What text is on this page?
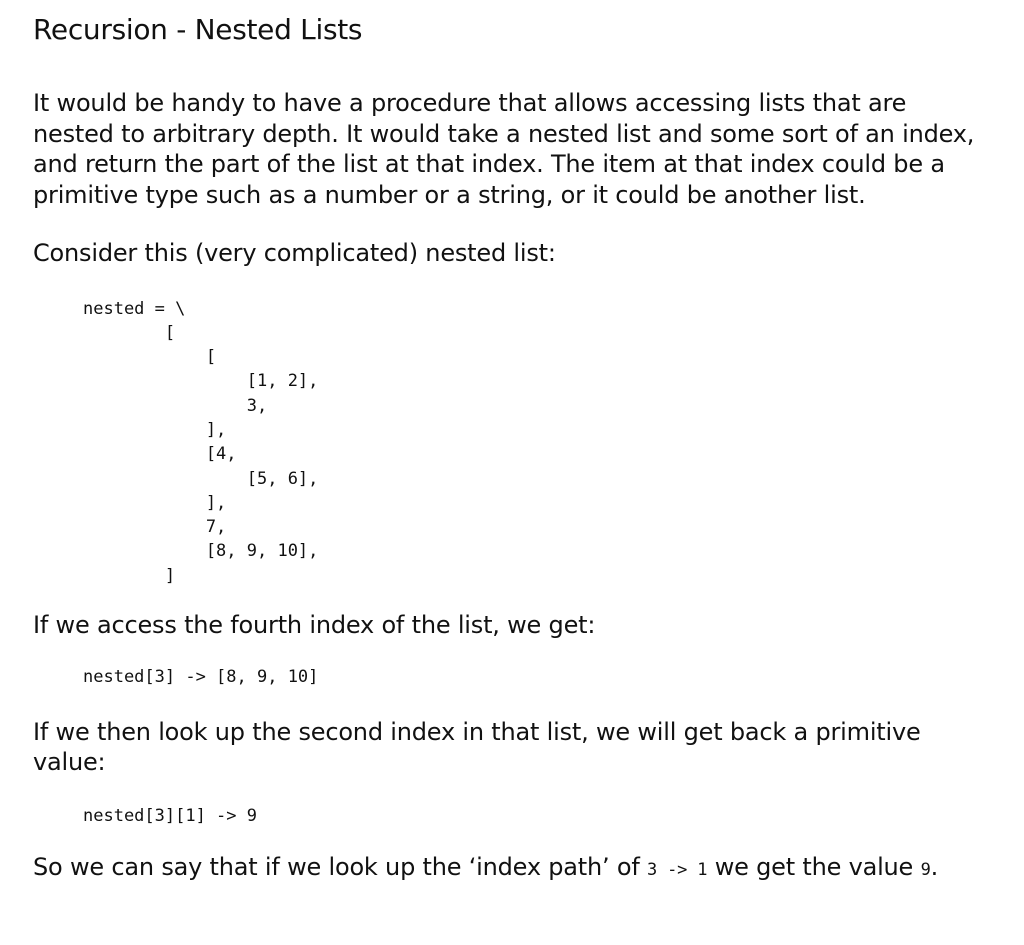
Recursion - Nested Lists

It would be handy to have a procedure that allows accessing lists that are nested to arbitrary depth. It would take a nested list and some sort of an index, and return the part of the list at that index. The item at that index could be a primitive type such as a number or a string, or it could be another list.

Consider this (very complicated) nested list:

nested = \
[
[
[1, 2],
3,
],
[4,
[5, 6],
],
7,
[8, 9, 10],
]

If we access the fourth index of the list, we get:

nested[3] -> [8, 9, 10]

If we then look up the second index in that list, we will get back a primitive value:

nested[3][1] -> 9

So we can say that if we look up the ‘index path’ of 3 -> 1 we get the value 9.
